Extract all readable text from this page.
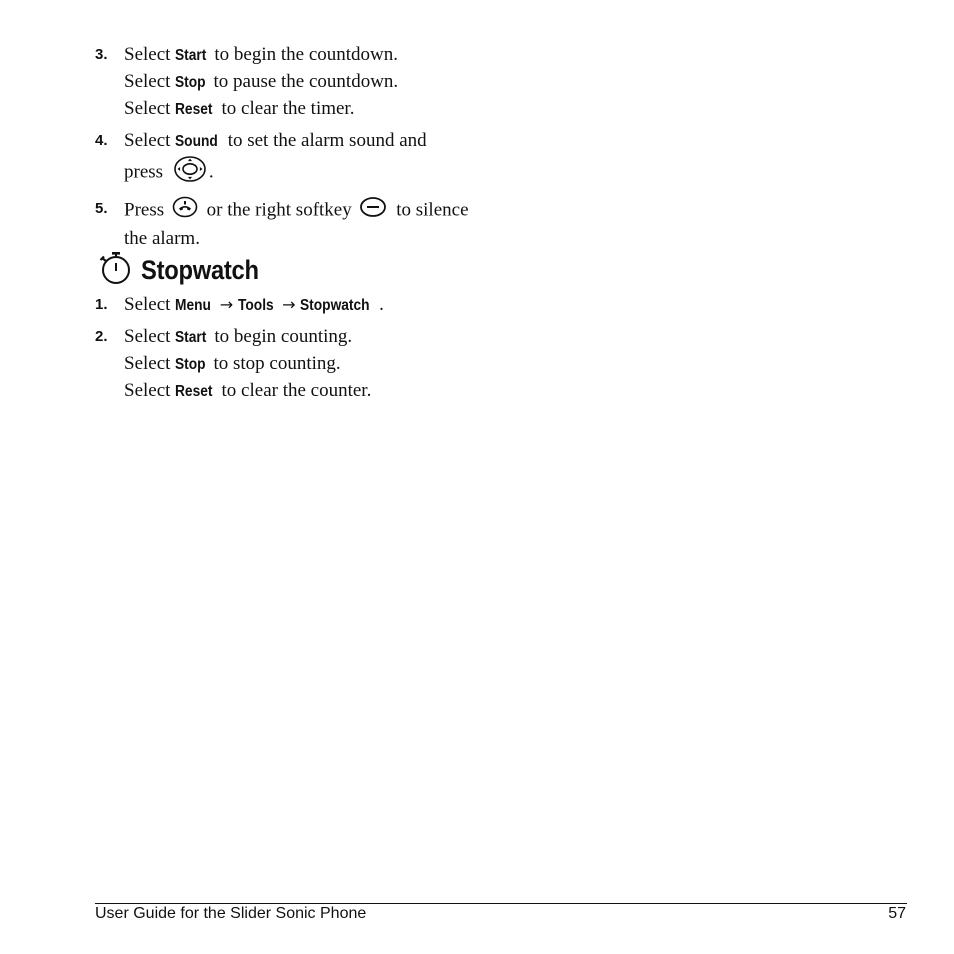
3. Select Start to begin the countdown.
Select Stop to pause the countdown.
Select Reset to clear the timer.
4. Select Sound to set the alarm sound and
press .
5. Press  or the right softkey  to silence
the alarm.
Stopwatch
1. Select Menu → Tools → Stopwatch .
2. Select Start to begin counting.
Select Stop to stop counting.
Select Reset to clear the counter.
User Guide for the Slider Sonic Phone	57
